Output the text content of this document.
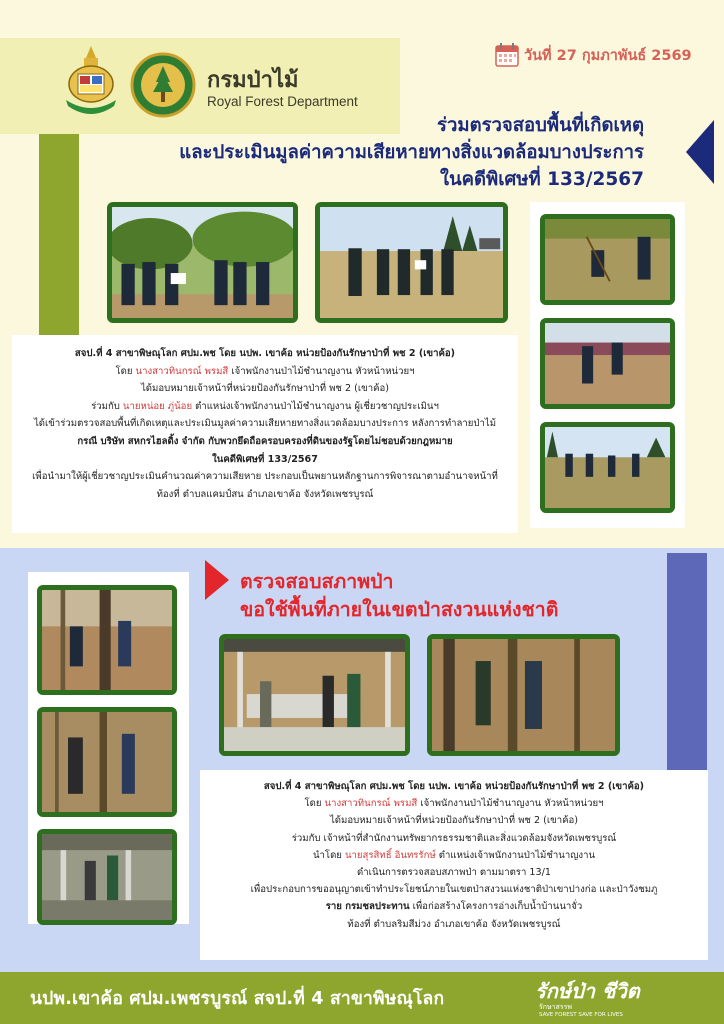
กรมป่าไม้
Royal Forest Department
วันที่ 27 กุมภาพันธ์ 2569
ร่วมตรวจสอบพื้นที่เกิดเหตุ
และประเมินมูลค่าความเสียหายทางสิ่งแวดล้อมบางประการ
ในคดีพิเศษที่ 133/2567
สจป.ที่ 4 สาขาพิษณุโลก ศปม.พช โดย นปพ. เขาค้อ หน่วยป้องกันรักษาป่าที่ พช 2 (เขาค้อ)
โดย นางสาวทินกรณ์ พรมสี เจ้าพนักงานป่าไม้ชำนาญงาน หัวหน้าหน่วยฯ
ได้มอบหมายเจ้าหน้าที่หน่วยป้องกันรักษาป่าที่ พช 2 (เขาค้อ)
ร่วมกับ นายหน่อย ภู่น้อย ตำแหน่งเจ้าพนักงานป่าไม้ชำนาญงาน ผู้เชี่ยวชาญประเมินฯ
ได้เข้าร่วมตรวจสอบพื้นที่เกิดเหตุและประเมินมูลค่าความเสียหายทางสิ่งแวดล้อมบางประการ หลังการทำลายป่าไม้
กรณี บริษัท สหกรไฮลดิ้ง จำกัด กับพวกยึดถือครอบครองที่ดินของรัฐโดยไม่ชอบด้วยกฎหมาย
ในคดีพิเศษที่ 133/2567
เพื่อนำมาให้ผู้เชี่ยวชาญประเมินคำนวณค่าความเสียหาย ประกอบเป็นพยานหลักฐานการพิจารณาตามอำนาจหน้าที่
ท้องที่ ตำบลแคมป์สน อำเภอเขาค้อ จังหวัดเพชรบูรณ์
ตรวจสอบสภาพป่า
ขอใช้พื้นที่ภายในเขตป่าสงวนแห่งชาติ
สจป.ที่ 4 สาขาพิษณุโลก ศปม.พช โดย นปพ. เขาค้อ หน่วยป้องกันรักษาป่าที่ พช 2 (เขาค้อ)
โดย นางสาวทินกรณ์ พรมสี เจ้าพนักงานป่าไม้ชำนาญงาน หัวหน้าหน่วยฯ
ได้มอบหมายเจ้าหน้าที่หน่วยป้องกันรักษาป่าที่ พช 2 (เขาค้อ)
ร่วมกับ เจ้าหน้าที่สำนักงานทรัพยากรธรรมชาติและสิ่งแวดล้อมจังหวัดเพชรบูรณ์
นำโดย นายสุรสิทธิ์ อินทรรักษ์ ตำแหน่งเจ้าพนักงานป่าไม้ชำนาญงาน
ดำเนินการตรวจสอบสภาพป่า ตามมาตรา 13/1
เพื่อประกอบการขออนุญาตเข้าทำประโยชน์ภายในเขตป่าสงวนแห่งชาติป่าเขาปางก่อ และป่าวังชมภู
ราย กรมชลประทาน เพื่อก่อสร้างโครงการอ่างเก็บน้ำบ้านนาจั่ว
ท้องที่ ตำบลริมสีม่วง อำเภอเขาค้อ จังหวัดเพชรบูรณ์
นปพ.เขาค้อ ศปม.เพชรบูรณ์ สจป.ที่ 4 สาขาพิษณุโลก	รักษ์ป่า ชีวิต
รักษาสรรพ
SAVE FOREST SAVE FOR LIVES
